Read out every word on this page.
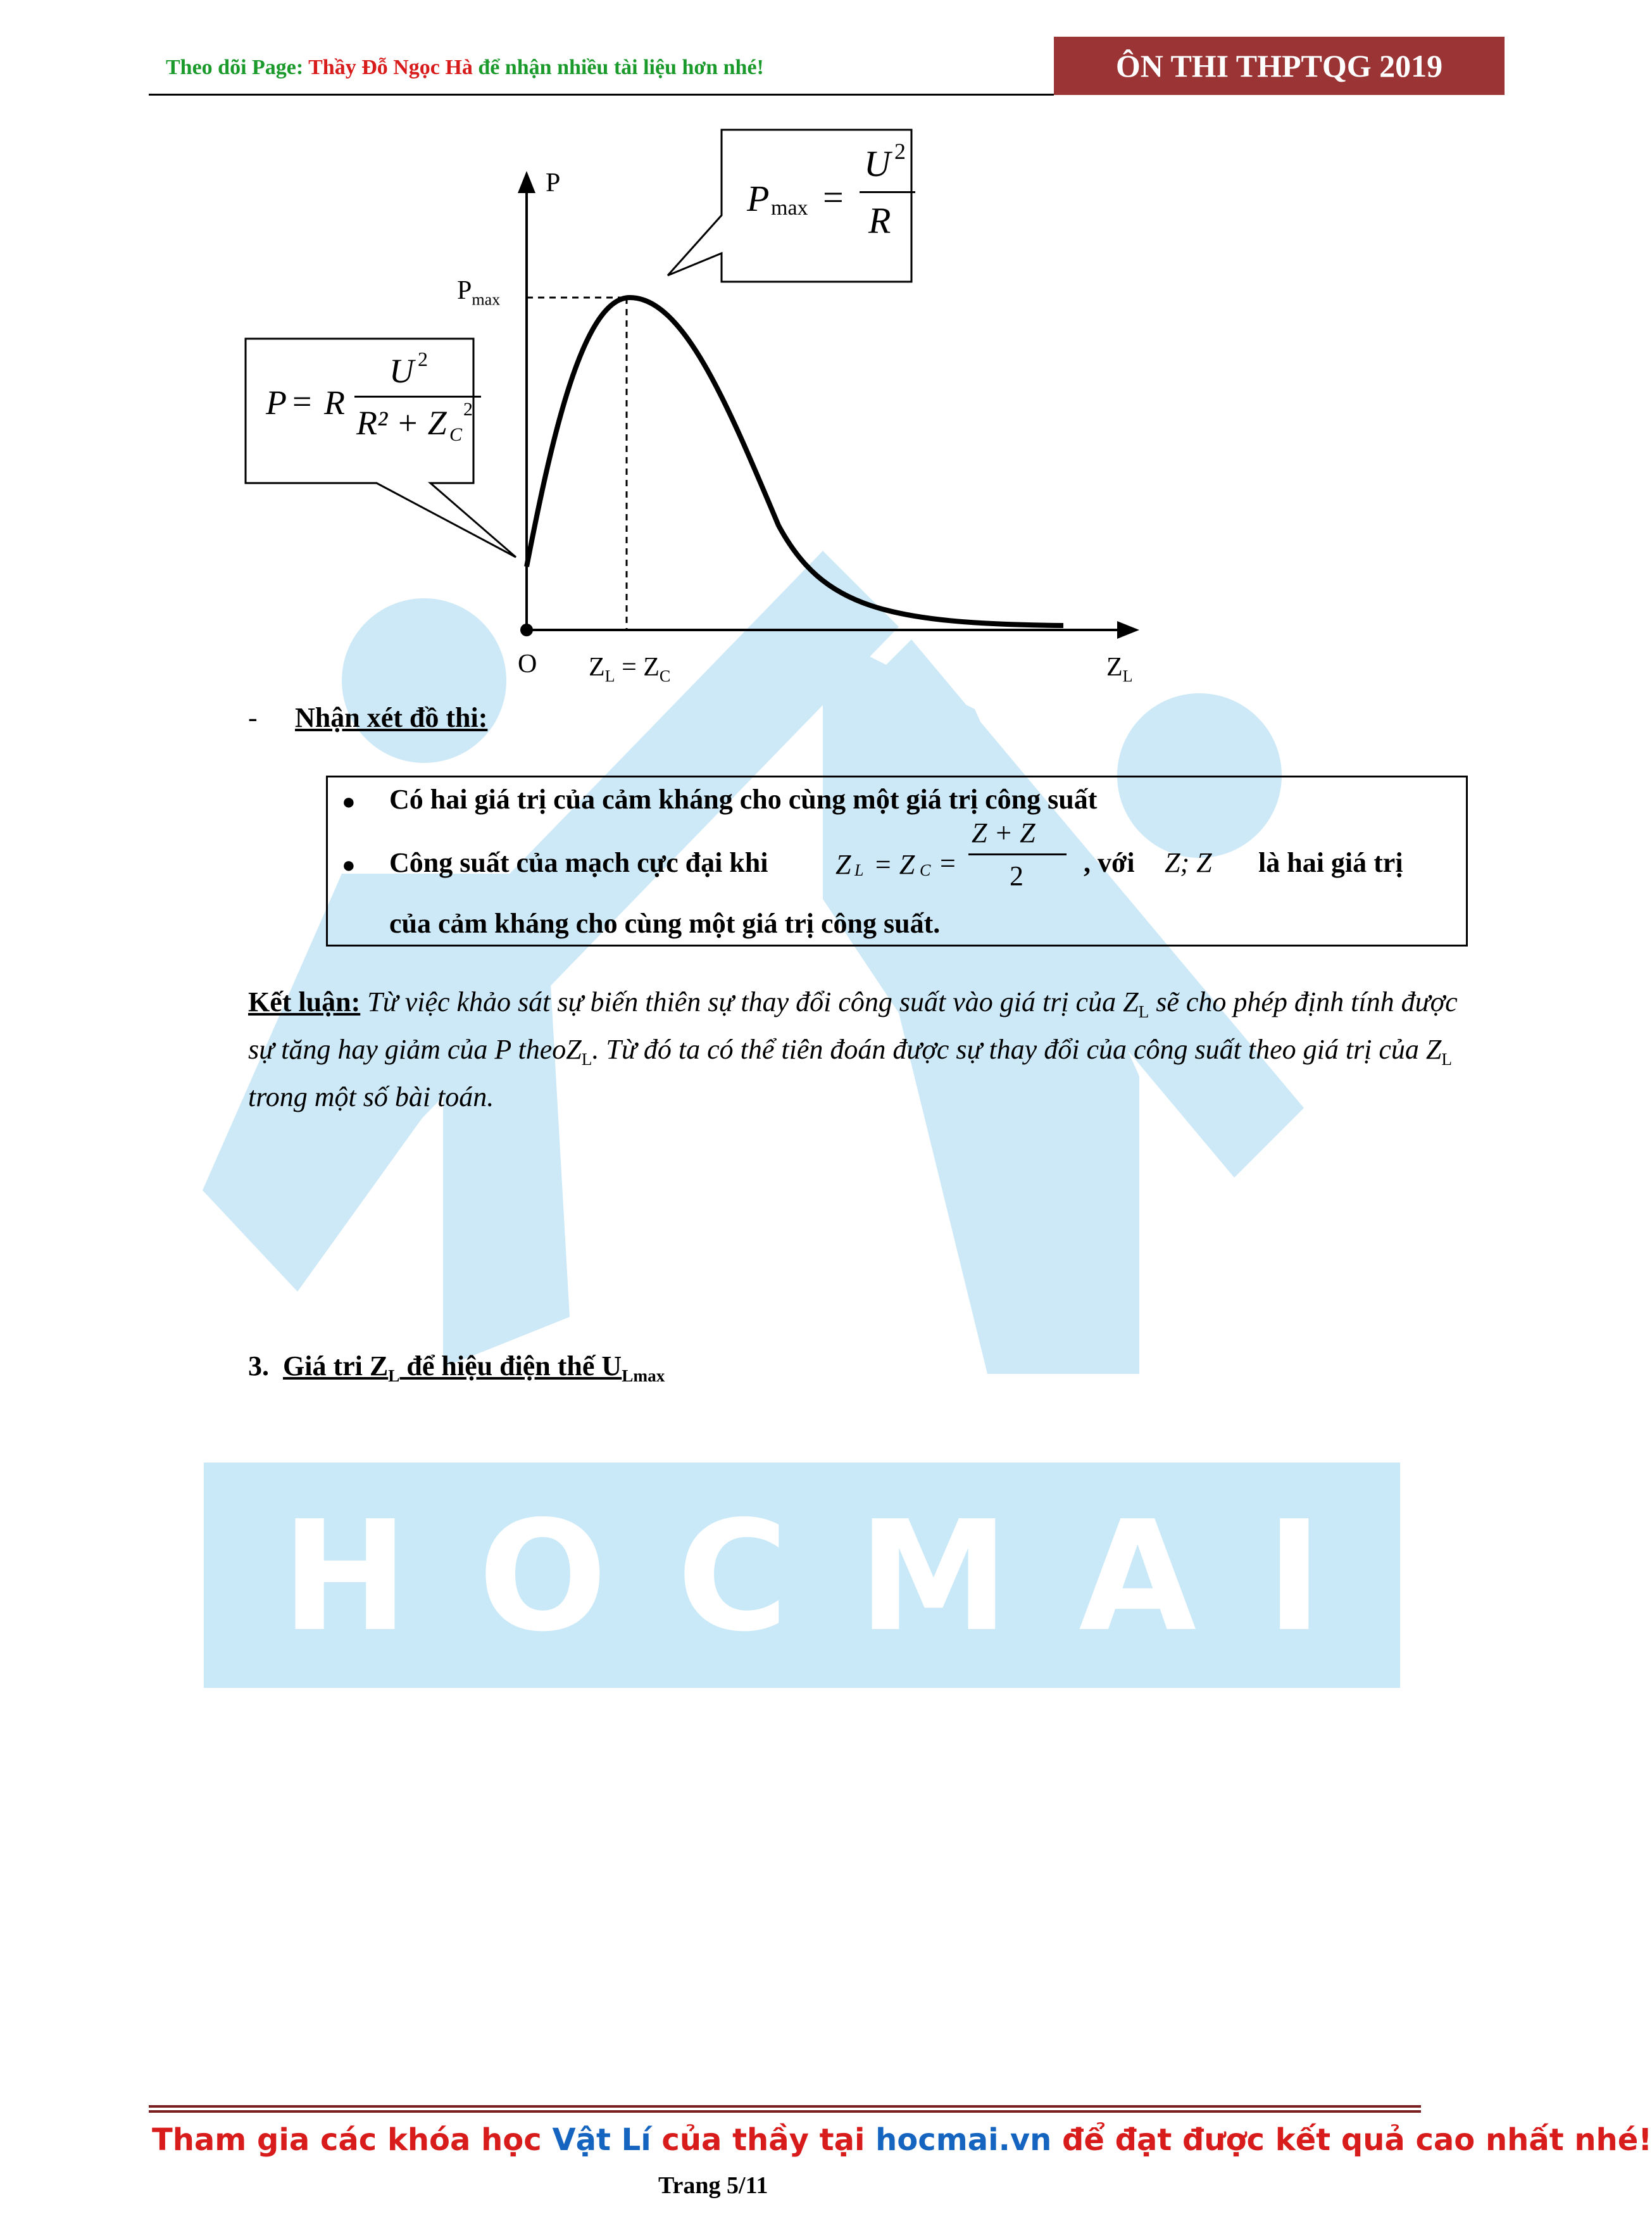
HOCMAI
Theo dõi Page: Thầy Đỗ Ngọc Hà để nhận nhiều tài liệu hơn nhé!	ÔN THI THPTQG 2019
P
$P_{max}$
O $Z_L = Z_C$	$Z_L$
P max =
U 2
R
P = R
U 2
R² + Z C
2
- Nhận xét đồ thi:
● Có hai giá trị của cảm kháng cho cùng một giá trị công suất
● Công suất của mạch cực đại khi Z L = Z C =
Z + Z
2 , với Z; Z là hai giá trị
của cảm kháng cho cùng một giá trị công suất.
Kết luận: Từ việc khảo sát sự biến thiên sự thay đổi công suất vào giá trị của $Z_L$ sẽ cho phép định tính được sự tăng hay giảm của P theoZ$_L$. Từ đó ta có thể tiên đoán được sự thay đổi của công suất theo giá trị của $Z_L$ trong một số bài toán.
3. Giá tri $Z_L$ để hiệu điện thế $U_{Lmax}$
Tham gia các khóa học Vật Lí của thầy tại hocmai.vn để đạt được kết quả cao nhất nhé!
Trang 5/11
